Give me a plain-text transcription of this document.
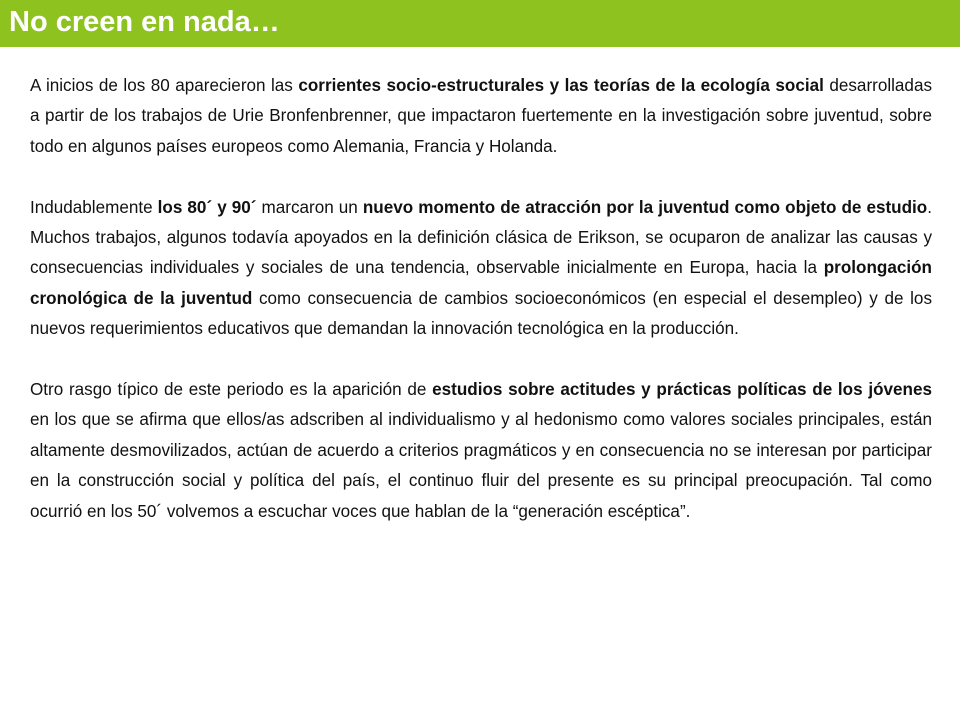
No creen en nada…

A inicios de los 80 aparecieron las corrientes socio-estructurales y las teorías de la ecología social desarrolladas a partir de los trabajos de Urie Bronfenbrenner, que impactaron fuertemente en la investigación sobre juventud, sobre todo en algunos países europeos como Alemania, Francia y Holanda.

Indudablemente los 80´ y 90´ marcaron un nuevo momento de atracción por la juventud como objeto de estudio. Muchos trabajos, algunos todavía apoyados en la definición clásica de Erikson, se ocuparon de analizar las causas y consecuencias individuales y sociales de una tendencia, observable inicialmente en Europa, hacia la prolongación cronológica de la juventud como consecuencia de cambios socioeconómicos (en especial el desempleo) y de los nuevos requerimientos educativos que demandan la innovación tecnológica en la producción.

Otro rasgo típico de este periodo es la aparición de estudios sobre actitudes y prácticas políticas de los jóvenes en los que se afirma que ellos/as adscriben al individualismo y al hedonismo como valores sociales principales, están altamente desmovilizados, actúan de acuerdo a criterios pragmáticos y en consecuencia no se interesan por participar en la construcción social y política del país, el continuo fluir del presente es su principal preocupación. Tal como ocurrió en los 50´ volvemos a escuchar voces que hablan de la “generación escéptica”.
